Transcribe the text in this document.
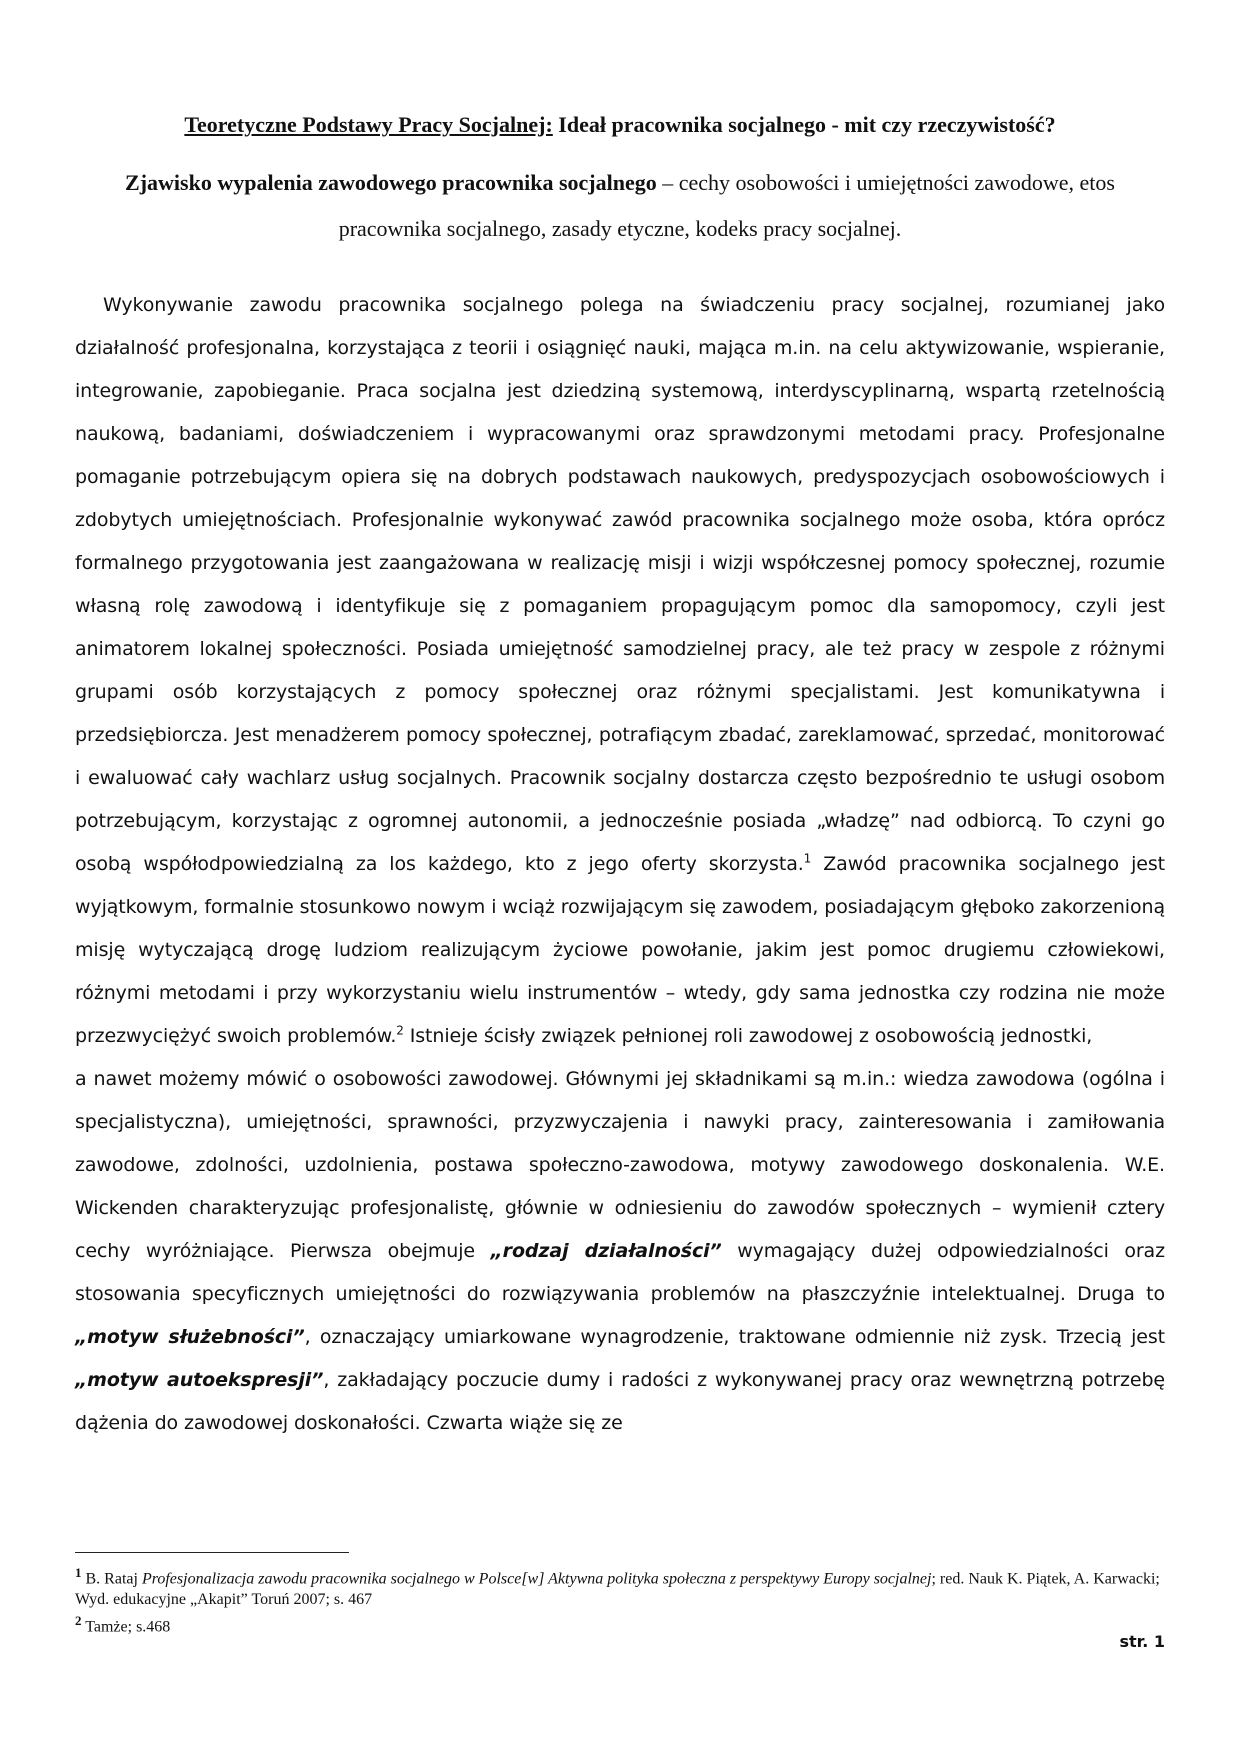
Teoretyczne Podstawy Pracy Socjalnej: Ideał pracownika socjalnego - mit czy rzeczywistość?
Zjawisko wypalenia zawodowego pracownika socjalnego – cechy osobowości i umiejętności zawodowe, etos pracownika socjalnego, zasady etyczne, kodeks pracy socjalnej.

Wykonywanie zawodu pracownika socjalnego polega na świadczeniu pracy socjalnej, rozumianej jako działalność profesjonalna, korzystająca z teorii i osiągnięć nauki, mająca m.in. na celu aktywizowanie, wspieranie, integrowanie, zapobieganie. Praca socjalna jest dziedziną systemową, interdyscyplinarną, wspartą rzetelnością naukową, badaniami, doświadczeniem i wypracowanymi oraz sprawdzonymi metodami pracy. Profesjonalne pomaganie potrzebującym opiera się na dobrych podstawach naukowych, predyspozycjach osobowościowych i zdobytych umiejętnościach. Profesjonalnie wykonywać zawód pracownika socjalnego może osoba, która oprócz formalnego przygotowania jest zaangażowana w realizację misji i wizji współczesnej pomocy społecznej, rozumie własną rolę zawodową i identyfikuje się z pomaganiem propagującym pomoc dla samopomocy, czyli jest animatorem lokalnej społeczności. Posiada umiejętność samodzielnej pracy, ale też pracy w zespole z różnymi grupami osób korzystających z pomocy społecznej oraz różnymi specjalistami. Jest komunikatywna i przedsiębiorcza. Jest menadżerem pomocy społecznej, potrafiącym zbadać, zareklamować, sprzedać, monitorować i ewaluować cały wachlarz usług socjalnych. Pracownik socjalny dostarcza często bezpośrednio te usługi osobom potrzebującym, korzystając z ogromnej autonomii, a jednocześnie posiada „władzę” nad odbiorcą. To czyni go osobą współodpowiedzialną za los każdego, kto z jego oferty skorzysta.$^1$ Zawód pracownika socjalnego jest wyjątkowym, formalnie stosunkowo nowym i wciąż rozwijającym się zawodem, posiadającym głęboko zakorzenioną misję wytyczającą drogę ludziom realizującym życiowe powołanie, jakim jest pomoc drugiemu człowiekowi, różnymi metodami i przy wykorzystaniu wielu instrumentów – wtedy, gdy sama jednostka czy rodzina nie może przezwyciężyć swoich problemów.$^2$ Istnieje ścisły związek pełnionej roli zawodowej z osobowością jednostki,

a nawet możemy mówić o osobowości zawodowej. Głównymi jej składnikami są m.in.: wiedza zawodowa (ogólna i specjalistyczna), umiejętności, sprawności, przyzwyczajenia i nawyki pracy, zainteresowania i zamiłowania zawodowe, zdolności, uzdolnienia, postawa społeczno-zawodowa, motywy zawodowego doskonalenia. W.E. Wickenden charakteryzując profesjonalistę, głównie w odniesieniu do zawodów społecznych – wymienił cztery cechy wyróżniające. Pierwsza obejmuje „rodzaj działalności” wymagający dużej odpowiedzialności oraz stosowania specyficznych umiejętności do rozwiązywania problemów na płaszczyźnie intelektualnej. Druga to „motyw służebności”, oznaczający umiarkowane wynagrodzenie, traktowane odmiennie niż zysk. Trzecią jest „motyw autoekspresji”, zakładający poczucie dumy i radości z wykonywanej pracy oraz wewnętrzną potrzebę dążenia do zawodowej doskonałości. Czwarta wiąże się ze

$^1$ B. Rataj Profesjonalizacja zawodu pracownika socjalnego w Polsce[w] Aktywna polityka społeczna z perspektywy Europy socjalnej; red. Nauk K. Piątek, A. Karwacki; Wyd. edukacyjne „Akapit” Toruń 2007; s. 467

$^2$ Tamże; s.468

str. 1
